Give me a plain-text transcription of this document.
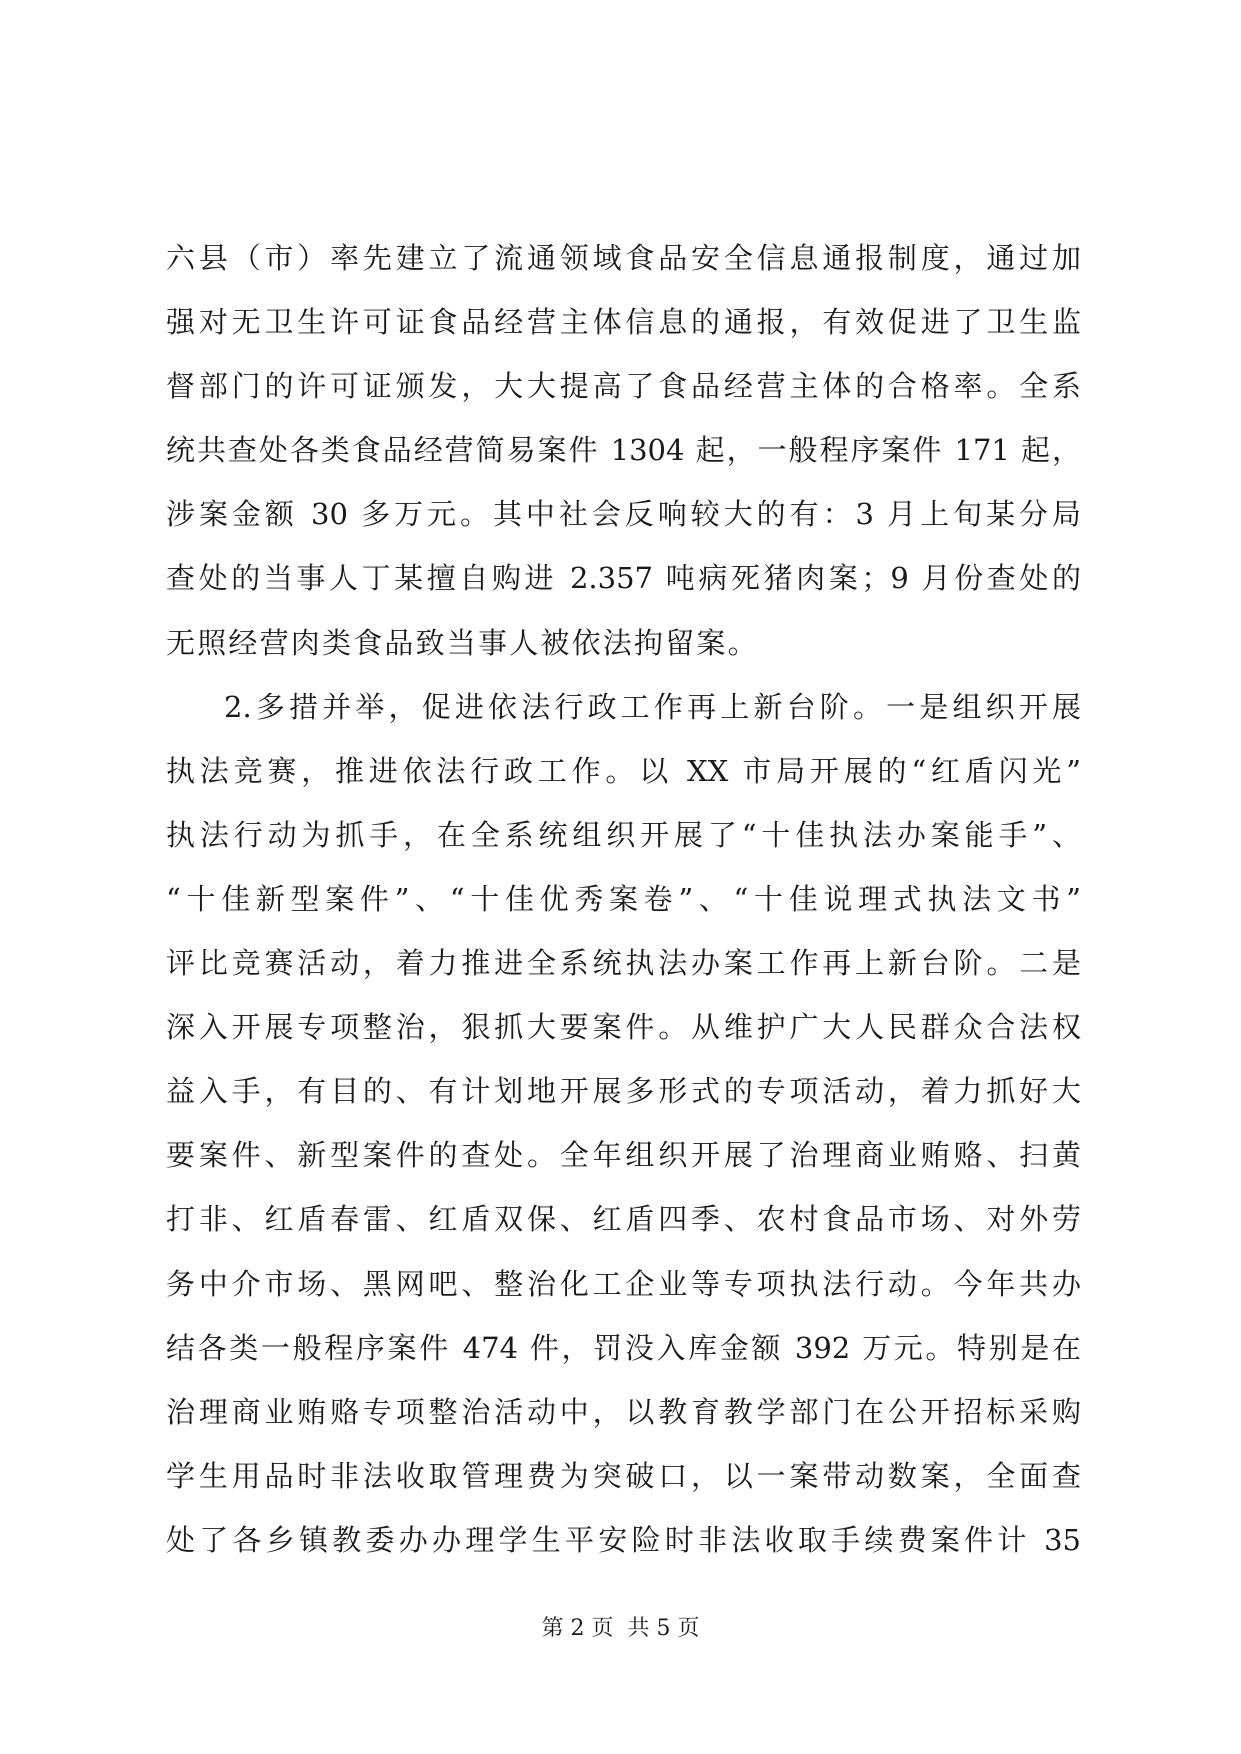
六县（市）率先建立了流通领域食品安全信息通报制度，通过加
强对无卫生许可证食品经营主体信息的通报，有效促进了卫生监
督部门的许可证颁发，大大提高了食品经营主体的合格率。全系
统共查处各类食品经营简易案件 1304 起，一般程序案件 171 起，
涉案金额 30 多万元。其中社会反响较大的有：3 月上旬某分局
查处的当事人丁某擅自购进 2.357 吨病死猪肉案；9 月份查处的
无照经营肉类食品致当事人被依法拘留案。
2.多措并举，促进依法行政工作再上新台阶。一是组织开展
执法竞赛，推进依法行政工作。以 XX 市局开展的“红盾闪光”
执法行动为抓手，在全系统组织开展了“十佳执法办案能手”、
“十佳新型案件”、“十佳优秀案卷”、“十佳说理式执法文书”
评比竞赛活动，着力推进全系统执法办案工作再上新台阶。二是
深入开展专项整治，狠抓大要案件。从维护广大人民群众合法权
益入手，有目的、有计划地开展多形式的专项活动，着力抓好大
要案件、新型案件的查处。全年组织开展了治理商业贿赂、扫黄
打非、红盾春雷、红盾双保、红盾四季、农村食品市场、对外劳
务中介市场、黑网吧、整治化工企业等专项执法行动。今年共办
结各类一般程序案件 474 件，罚没入库金额 392 万元。特别是在
治理商业贿赂专项整治活动中，以教育教学部门在公开招标采购
学生用品时非法收取管理费为突破口，以一案带动数案，全面查
处了各乡镇教委办办理学生平安险时非法收取手续费案件计 35
第 2 页  共 5 页
